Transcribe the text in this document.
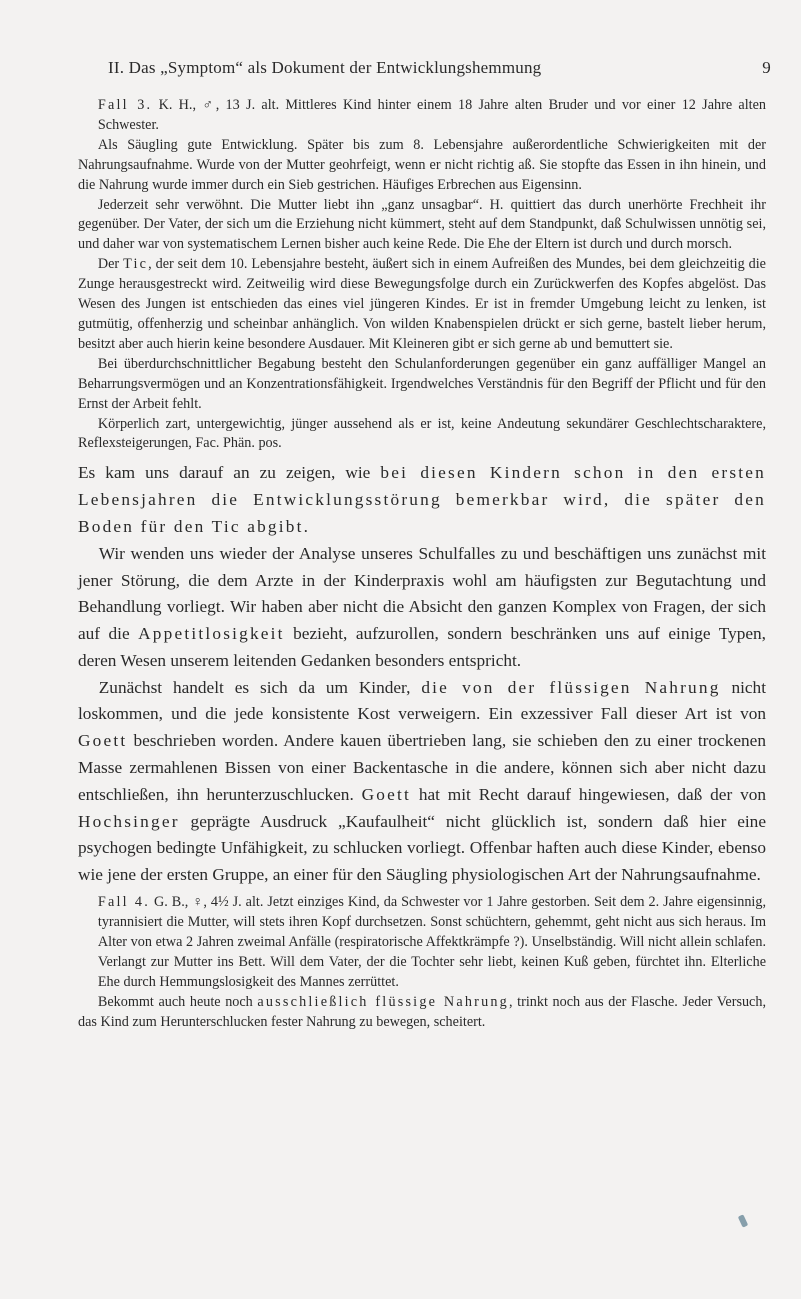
II. Das „Symptom“ als Dokument der Entwicklungshemmung	9

Fall 3. K. H., ♂, 13 J. alt. Mittleres Kind hinter einem 18 Jahre alten Bruder und vor einer 12 Jahre alten Schwester.

Als Säugling gute Entwicklung. Später bis zum 8. Lebensjahre außerordentliche Schwierigkeiten mit der Nahrungsaufnahme. Wurde von der Mutter geohrfeigt, wenn er nicht richtig aß. Sie stopfte das Essen in ihn hinein, und die Nahrung wurde immer durch ein Sieb gestrichen. Häufiges Erbrechen aus Eigensinn.

Jederzeit sehr verwöhnt. Die Mutter liebt ihn „ganz unsagbar“. H. quittiert das durch unerhörte Frechheit ihr gegenüber. Der Vater, der sich um die Erziehung nicht kümmert, steht auf dem Standpunkt, daß Schulwissen unnötig sei, und daher war von systematischem Lernen bisher auch keine Rede. Die Ehe der Eltern ist durch und durch morsch.

Der Tic, der seit dem 10. Lebensjahre besteht, äußert sich in einem Aufreißen des Mundes, bei dem gleichzeitig die Zunge herausgestreckt wird. Zeitweilig wird diese Bewegungsfolge durch ein Zurückwerfen des Kopfes abgelöst. Das Wesen des Jungen ist entschieden das eines viel jüngeren Kindes. Er ist in fremder Umgebung leicht zu lenken, ist gutmütig, offenherzig und scheinbar anhänglich. Von wilden Knabenspielen drückt er sich gerne, bastelt lieber herum, besitzt aber auch hierin keine besondere Ausdauer. Mit Kleineren gibt er sich gerne ab und bemuttert sie.

Bei überdurchschnittlicher Begabung besteht den Schulanforderungen gegenüber ein ganz auffälliger Mangel an Beharrungsvermögen und an Konzentrationsfähigkeit. Irgendwelches Verständnis für den Begriff der Pflicht und für den Ernst der Arbeit fehlt.

Körperlich zart, untergewichtig, jünger aussehend als er ist, keine Andeutung sekundärer Geschlechtscharaktere, Reflexsteigerungen, Fac. Phän. pos.

Es kam uns darauf an zu zeigen, wie bei diesen Kindern schon in den ersten Lebensjahren die Entwicklungsstörung bemerkbar wird, die später den Boden für den Tic abgibt.

Wir wenden uns wieder der Analyse unseres Schulfalles zu und beschäftigen uns zunächst mit jener Störung, die dem Arzte in der Kinderpraxis wohl am häufigsten zur Begutachtung und Behandlung vorliegt. Wir haben aber nicht die Absicht den ganzen Komplex von Fragen, der sich auf die Appetitlosigkeit bezieht, aufzurollen, sondern beschränken uns auf einige Typen, deren Wesen unserem leitenden Gedanken besonders entspricht.

Zunächst handelt es sich da um Kinder, die von der flüssigen Nahrung nicht loskommen, und die jede konsistente Kost verweigern. Ein exzessiver Fall dieser Art ist von Goett beschrieben worden. Andere kauen übertrieben lang, sie schieben den zu einer trockenen Masse zermahlenen Bissen von einer Backentasche in die andere, können sich aber nicht dazu entschließen, ihn herunterzuschlucken. Goett hat mit Recht darauf hingewiesen, daß der von Hochsinger geprägte Ausdruck „Kaufaulheit“ nicht glücklich ist, sondern daß hier eine psychogen bedingte Unfähigkeit, zu schlucken vorliegt. Offenbar haften auch diese Kinder, ebenso wie jene der ersten Gruppe, an einer für den Säugling physiologischen Art der Nahrungsaufnahme.

Fall 4. G. B., ♀, 4½ J. alt. Jetzt einziges Kind, da Schwester vor 1 Jahre gestorben. Seit dem 2. Jahre eigensinnig, tyrannisiert die Mutter, will stets ihren Kopf durchsetzen. Sonst schüchtern, gehemmt, geht nicht aus sich heraus. Im Alter von etwa 2 Jahren zweimal Anfälle (respiratorische Affektkrämpfe ?). Unselbständig. Will nicht allein schlafen. Verlangt zur Mutter ins Bett. Will dem Vater, der die Tochter sehr liebt, keinen Kuß geben, fürchtet ihn. Elterliche Ehe durch Hemmungslosigkeit des Mannes zerrüttet.

Bekommt auch heute noch ausschließlich flüssige Nahrung, trinkt noch aus der Flasche. Jeder Versuch, das Kind zum Herunterschlucken fester Nahrung zu bewegen, scheitert.
